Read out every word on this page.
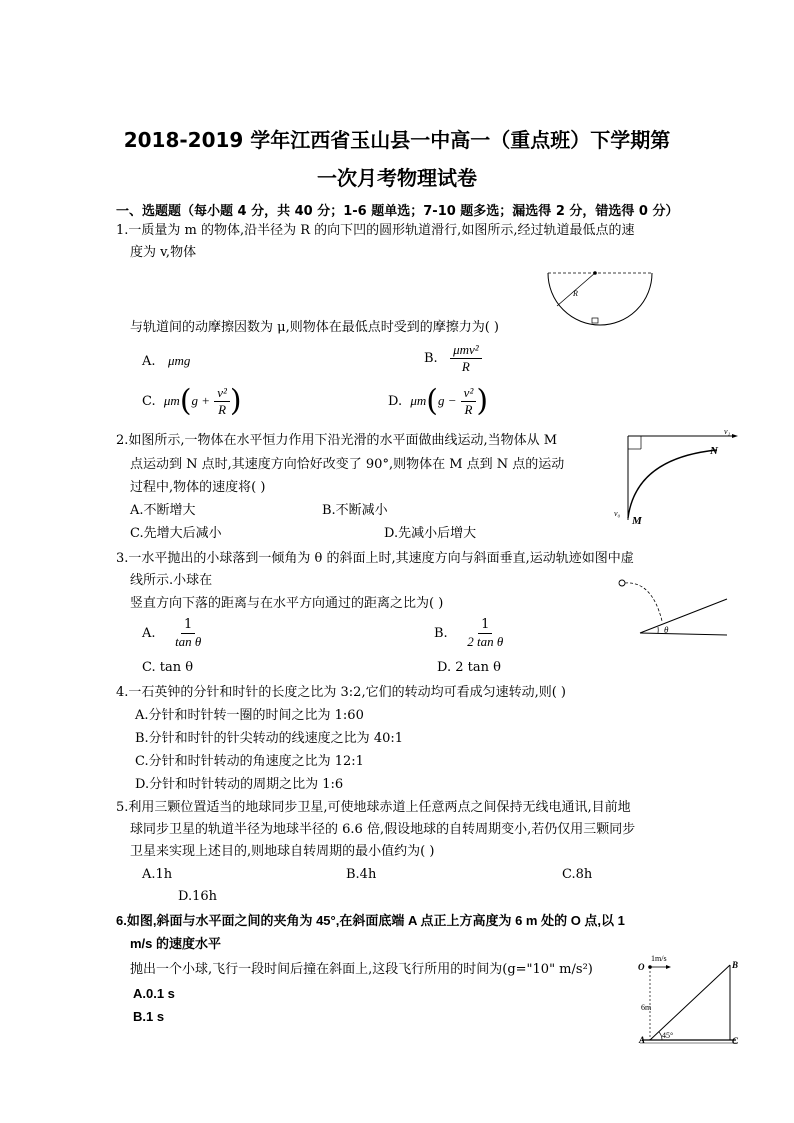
2018-2019 学年江西省玉山县一中高一（重点班）下学期第
一次月考物理试卷
一、选题题（每小题 4 分，共 40 分；1-6 题单选；7-10 题多选；漏选得 2 分，错选得 0 分）
1.一质量为 m 的物体,沿半径为 R 的向下凹的圆形轨道滑行,如图所示,经过轨道最低点的速
度为 v,物体
R
与轨道间的动摩擦因数为 μ,则物体在最低点时受到的摩擦力为( )
A. μmg	B. $\frac{\text{μmv²}}{R}$
C. $\mu m(g + \frac{\text{v²}}{R}$ )	D. $\mu m(g - \frac{\text{v²}}{R}$ )
2.如图所示,一物体在水平恒力作用下沿光滑的水平面做曲线运动,当物体从 M
点运动到 N 点时,其速度方向恰好改变了 90°,则物体在 M 点到 N 点的运动
过程中,物体的速度将( )
A.不断增大	B.不断减小
C.先增大后减小	D.先减小后增大
v₁
v₀
N
M
3.一水平抛出的小球落到一倾角为 θ 的斜面上时,其速度方向与斜面垂直,运动轨迹如图中虚
线所示.小球在
竖直方向下落的距离与在水平方向通过的距离之比为( )
θ
A. $\frac{1}{\text{tan θ}}$	B. $\frac{1}{\text{2 tan θ}}$
C. tan θ	D. 2 tan θ
4.一石英钟的分针和时针的长度之比为 3:2,它们的转动均可看成匀速转动,则( )
A.分针和时针转一圈的时间之比为 1:60
B.分针和时针的针尖转动的线速度之比为 40:1
C.分针和时针转动的角速度之比为 12:1
D.分针和时针转动的周期之比为 1:6
5.利用三颗位置适当的地球同步卫星,可使地球赤道上任意两点之间保持无线电通讯,目前地
球同步卫星的轨道半径为地球半径的 6.6 倍,假设地球的自转周期变小,若仍仅用三颗同步
卫星来实现上述目的,则地球自转周期的最小值约为( )
A.1h	B.4h	C.8h
D.16h
6.如图,斜面与水平面之间的夹角为 45°,在斜面底端 A 点正上方高度为 6 m 处的 O 点,以 1
m/s 的速度水平
抛出一个小球,飞行一段时间后撞在斜面上,这段飞行所用的时间为(g="10" m/s²)
A.0.1 s
B.1 s
O
1m/s
6m
45°
A
B
C
